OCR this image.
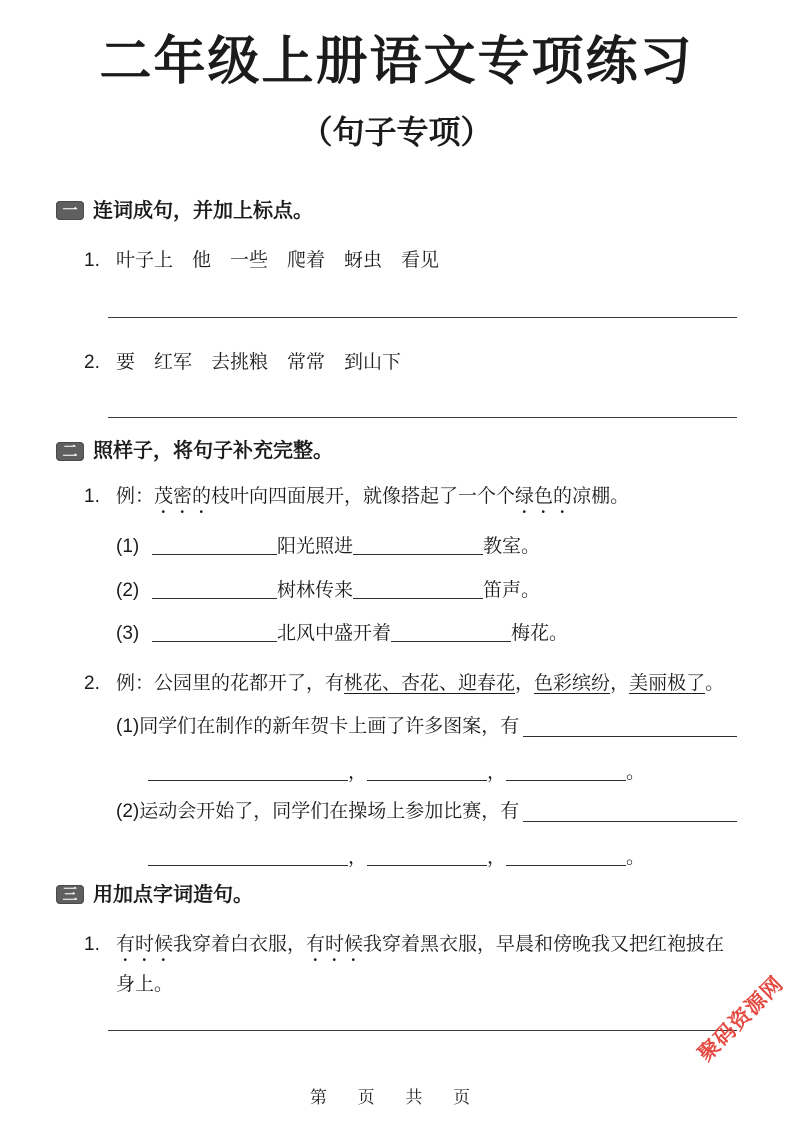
二年级上册语文专项练习
（句子专项）
一 连词成句，并加上标点。
1. 叶子上　他　一些　爬着　蚜虫　看见

2. 要　红军　去挑粮　常常　到山下

二 照样子，将句子补充完整。
1. 例：茂密的枝叶向四面展开，就像搭起了一个个绿色的凉棚。

(1)	阳光照进	教室。
(2)	树林传来	笛声。
(3)	北风中盛开着	梅花。
2. 例：公园里的花都开了，有桃花、杏花、迎春花，色彩缤纷，美丽极了。

(1) 同学们在制作的新年贺卡上画了许多图案，有
，	，	。
(2) 运动会开始了，同学们在操场上参加比赛，有
，	，	。
三 用加点字词造句。
1. 有时候我穿着白衣服，有时候我穿着黑衣服，早晨和傍晚我又把红袍披在身上。	聚码资源网
第 页 共 页
